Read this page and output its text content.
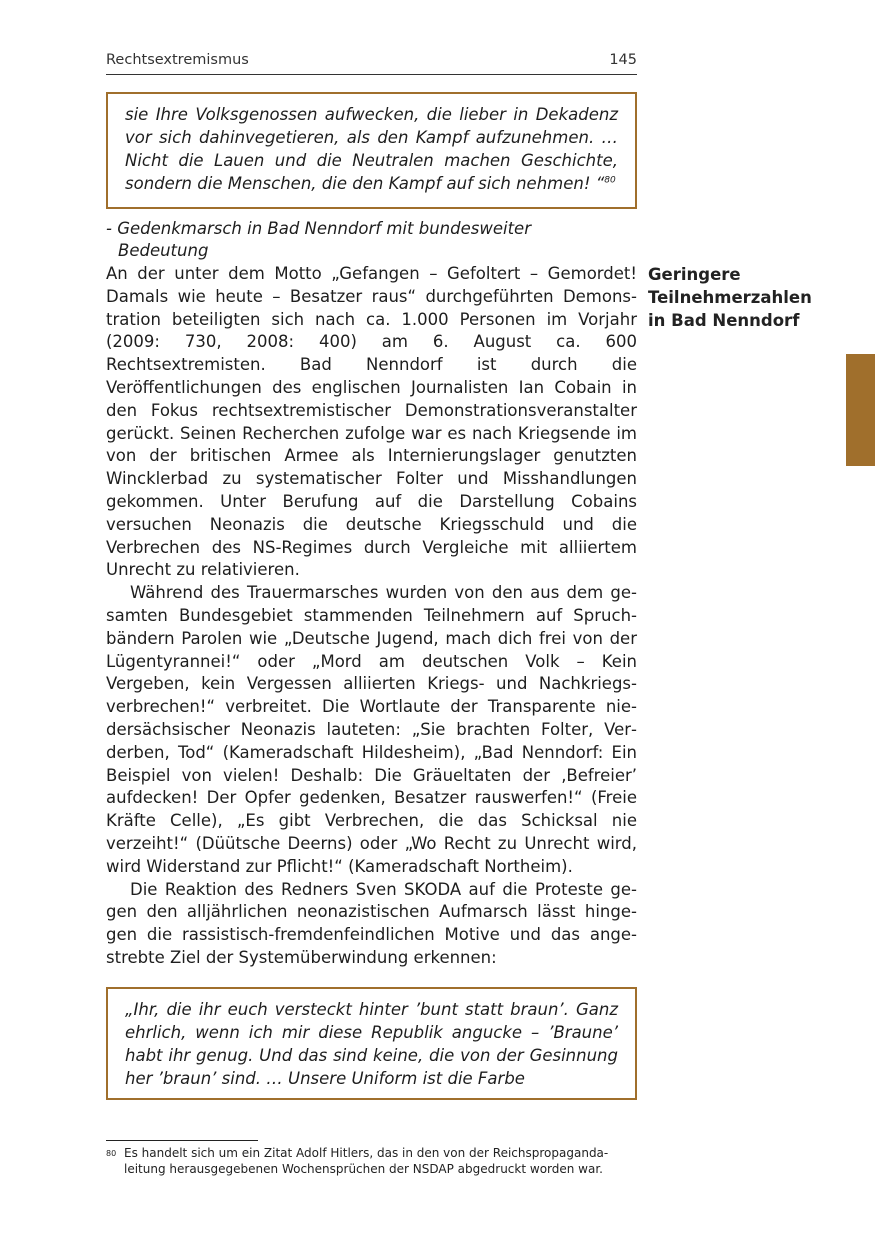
Rechtsextremismus	145
sie Ihre Volksgenossen aufwecken, die lieber in Dekadenz vor sich dahinvegetieren, als den Kampf aufzunehmen. … Nicht die Lauen und die Neutralen machen Geschichte, sondern die Menschen, die den Kampf auf sich nehmen! “$^{80}$
- Gedenkmarsch in Bad Nenndorf mit bundesweiter Bedeutung
Geringere Teilnehmerzahlen in Bad Nenndorf

An der unter dem Motto „Gefangen – Gefoltert – Gemordet! Damals wie heute – Besatzer raus“ durchgeführten Demonstration beteiligten sich nach ca. 1.000 Personen im Vorjahr (2009: 730, 2008: 400) am 6. August ca. 600 Rechtsextremisten. Bad Nenndorf ist durch die Veröffentlichungen des englischen Journalisten Ian Cobain in den Fokus rechtsextremistischer Demonstrationsveranstalter gerückt. Seinen Recherchen zufolge war es nach Kriegsende im von der britischen Armee als Internierungslager genutzten Wincklerbad zu systematischer Folter und Misshandlungen gekommen. Unter Berufung auf die Darstellung Cobains versuchen Neonazis die deutsche Kriegsschuld und die Verbrechen des NS-Regimes durch Vergleiche mit alliiertem Unrecht zu relativieren.

Während des Trauermarsches wurden von den aus dem gesamten Bundesgebiet stammenden Teilnehmern auf Spruchbändern Parolen wie „Deutsche Jugend, mach dich frei von der Lügentyrannei!“ oder „Mord am deutschen Volk – Kein Vergeben, kein Vergessen alliierten Kriegs- und Nachkriegsverbrechen!“ verbreitet. Die Wortlaute der Transparente niedersächsischer Neonazis lauteten: „Sie brachten Folter, Verderben, Tod“ (Kameradschaft Hildesheim), „Bad Nenndorf: Ein Beispiel von vielen! Deshalb: Die Gräueltaten der ‚Befreier’ aufdecken! Der Opfer gedenken, Besatzer rauswerfen!“ (Freie Kräfte Celle), „Es gibt Verbrechen, die das Schicksal nie verzeiht!“ (Düütsche Deerns) oder „Wo Recht zu Unrecht wird, wird Widerstand zur Pflicht!“ (Kameradschaft Northeim).

Die Reaktion des Redners Sven SKODA auf die Proteste gegen den alljährlichen neonazistischen Aufmarsch lässt hingegen die rassistisch-fremdenfeindlichen Motive und das angestrebte Ziel der Systemüberwindung erkennen:

„Ihr, die ihr euch versteckt hinter ’bunt statt braun’. Ganz ehrlich, wenn ich mir diese Republik angucke – ’Braune’ habt ihr genug. Und das sind keine, die von der Gesinnung her ’braun’ sind. … Unsere Uniform ist die Farbe
80 Es handelt sich um ein Zitat Adolf Hitlers, das in den von der Reichspropagandaleitung herausgegebenen Wochensprüchen der NSDAP abgedruckt worden war.
